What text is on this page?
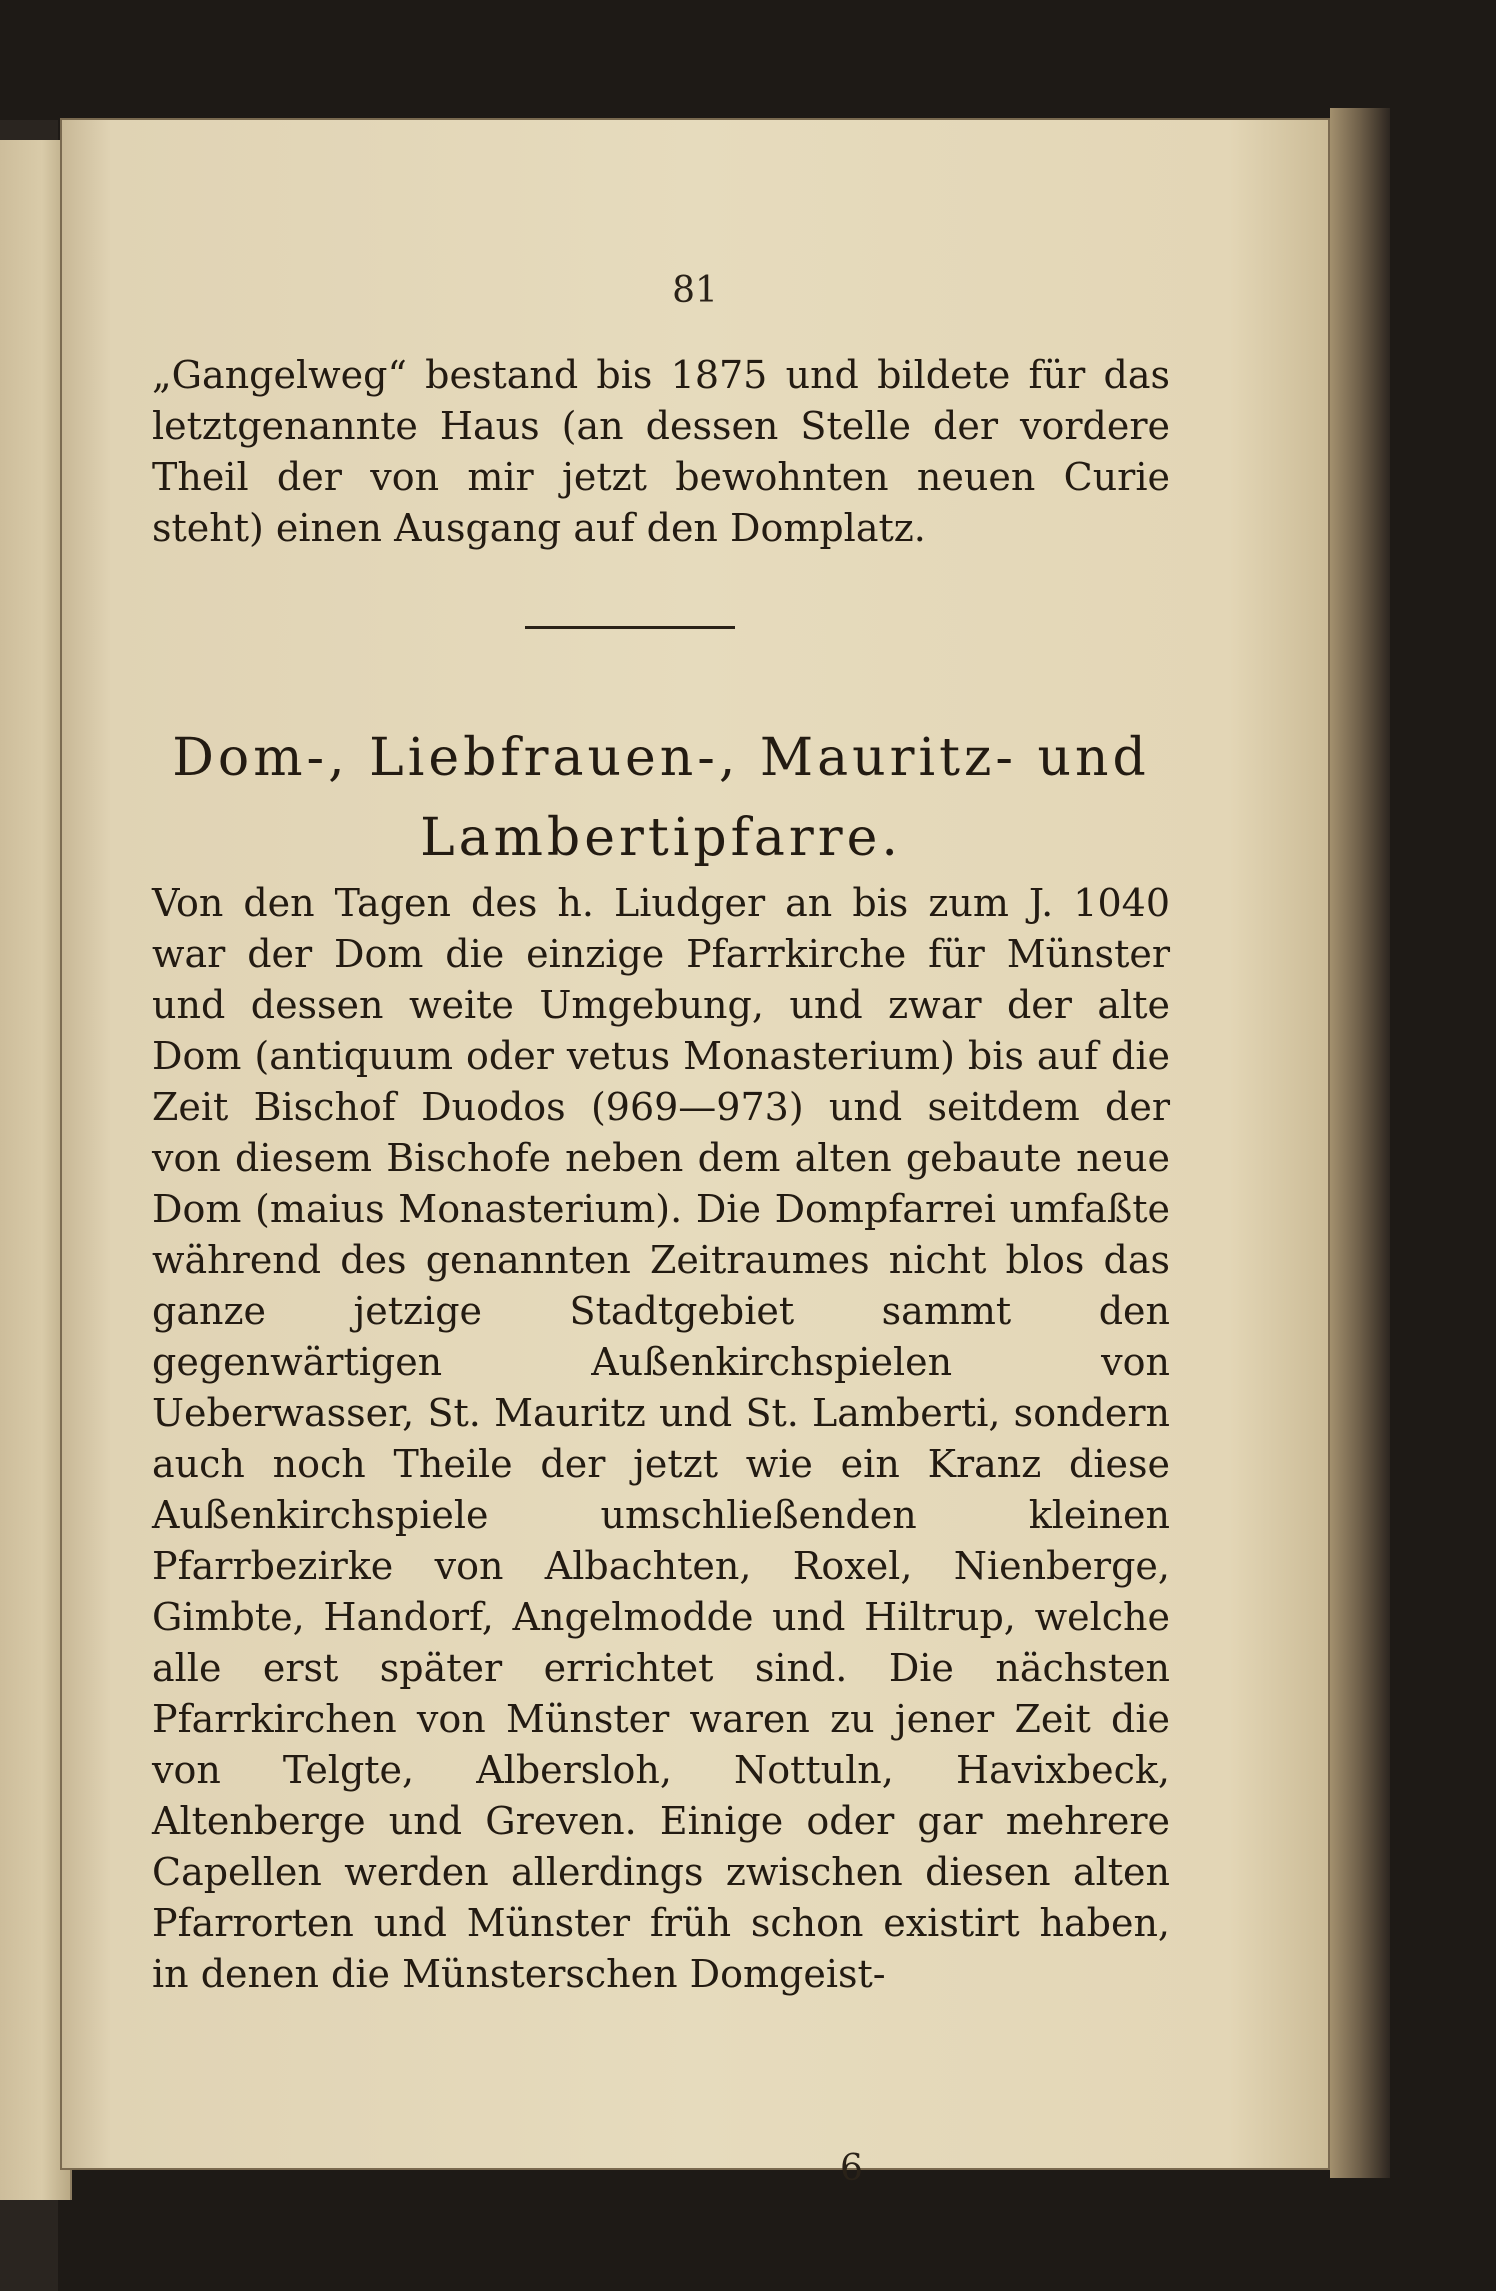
81

„Gangelweg“ bestand bis 1875 und bildete für das letztgenannte Haus (an dessen Stelle der vordere Theil der von mir jetzt bewohnten neuen Curie steht) einen Ausgang auf den Domplatz.

Dom-, Liebfrauen-, Mauritz- und
Lambertipfarre.

Von den Tagen des h. Liudger an bis zum J. 1040 war der Dom die einzige Pfarrkirche für Münster und dessen weite Umgebung, und zwar der alte Dom (antiquum oder vetus Monasterium) bis auf die Zeit Bischof Duodos (969—973) und seitdem der von diesem Bischofe neben dem alten gebaute neue Dom (maius Monasterium). Die Dompfarrei umfaßte während des genannten Zeitraumes nicht blos das ganze jetzige Stadtgebiet sammt den gegenwärtigen Außenkirchspielen von Ueberwasser, St. Mauritz und St. Lamberti, sondern auch noch Theile der jetzt wie ein Kranz diese Außenkirchspiele umschließenden kleinen Pfarrbezirke von Albachten, Roxel, Nienberge, Gimbte, Handorf, Angelmodde und Hiltrup, welche alle erst später errichtet sind. Die nächsten Pfarrkirchen von Münster waren zu jener Zeit die von Telgte, Albersloh, Nottuln, Havixbeck, Altenberge und Greven. Einige oder gar mehrere Capellen werden allerdings zwischen diesen alten Pfarrorten und Münster früh schon existirt haben, in denen die Münsterschen Domgeist-

6
